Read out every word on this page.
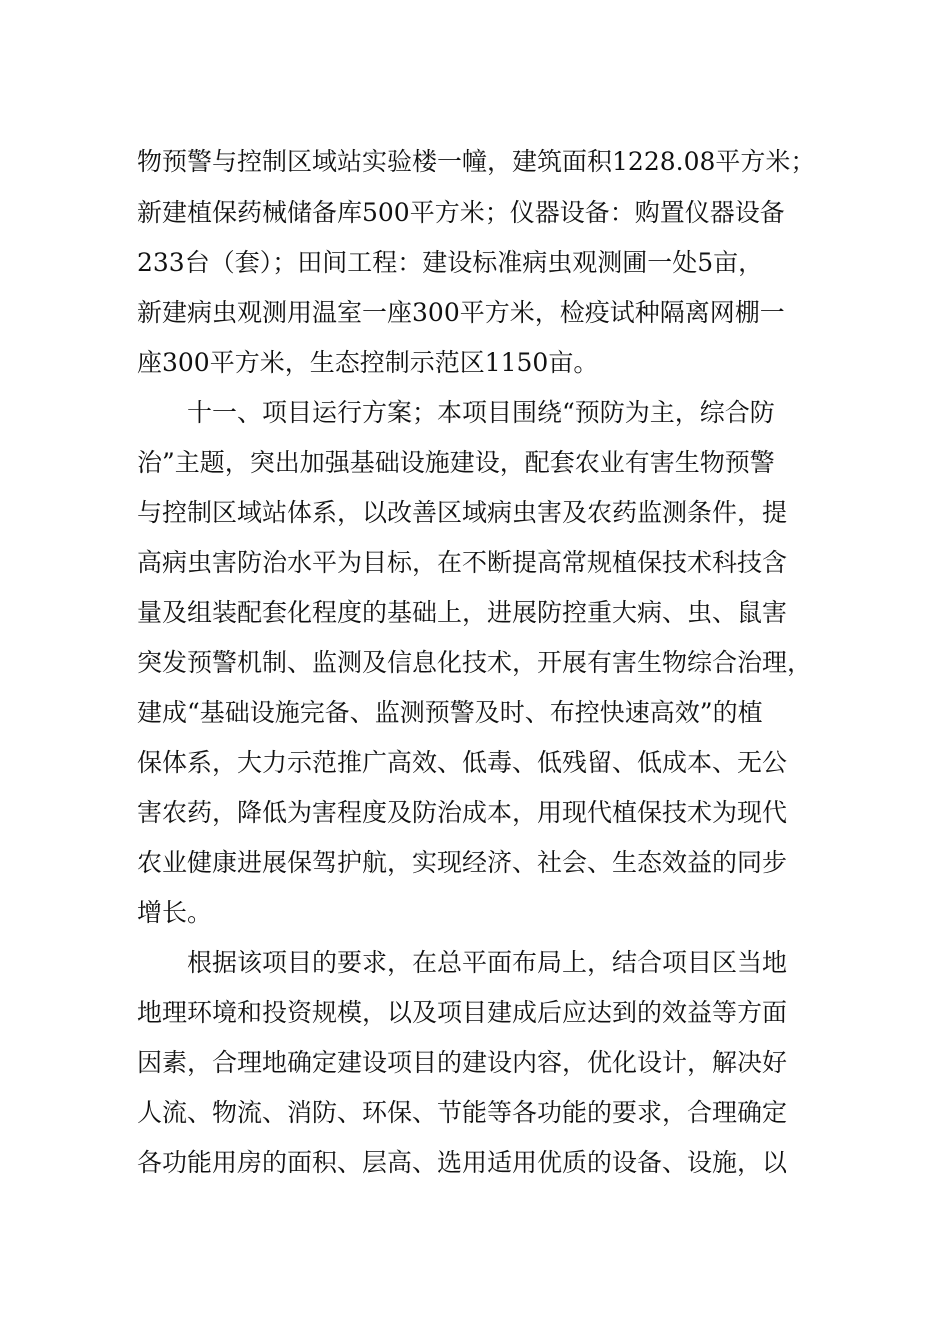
物预警与控制区域站实验楼一幢，建筑面积1228.08平方米；
新建植保药械储备库500平方米；仪器设备：购置仪器设备
233台（套）；田间工程：建设标准病虫观测圃一处5亩，
新建病虫观测用温室一座300平方米，检疫试种隔离网棚一
座300平方米，生态控制示范区1150亩。
十一、项目运行方案；本项目围绕“预防为主，综合防
治”主题，突出加强基础设施建设，配套农业有害生物预警
与控制区域站体系，以改善区域病虫害及农药监测条件，提
高病虫害防治水平为目标，在不断提高常规植保技术科技含
量及组装配套化程度的基础上，进展防控重大病、虫、鼠害
突发预警机制、监测及信息化技术，开展有害生物综合治理，
建成“基础设施完备、监测预警及时、布控快速高效”的植
保体系，大力示范推广高效、低毒、低残留、低成本、无公
害农药，降低为害程度及防治成本，用现代植保技术为现代
农业健康进展保驾护航，实现经济、社会、生态效益的同步
增长。
根据该项目的要求，在总平面布局上，结合项目区当地
地理环境和投资规模，以及项目建成后应达到的效益等方面
因素，合理地确定建设项目的建设内容，优化设计，解决好
人流、物流、消防、环保、节能等各功能的要求，合理确定
各功能用房的面积、层高、选用适用优质的设备、设施，以
